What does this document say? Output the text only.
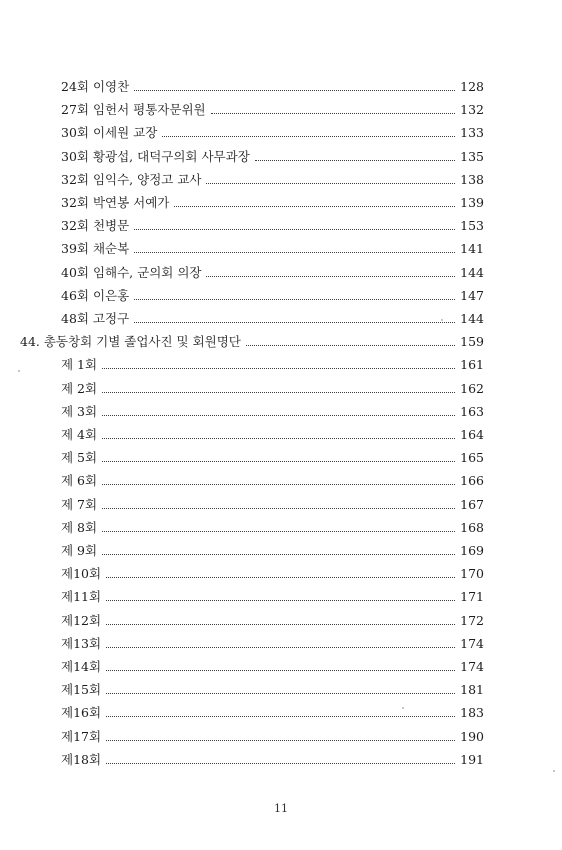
24회 이영찬	128
27회 임헌서 평통자문위원	132
30회 이세원 교장	133
30회 황광섭, 대덕구의회 사무과장	135
32회 임익수, 양정고 교사	138
32회 박연봉 서예가	139
32회 천병문	153
39회 채순복	141
40회 임해수, 군의회 의장	144
46회 이은홍	147
48회 고정구	144
44. 총동창회 기별 졸업사진 및 회원명단	159
제 1회	161
제 2회	162
제 3회	163
제 4회	164
제 5회	165
제 6회	166
제 7회	167
제 8회	168
제 9회	169
제10회	170
제11회	171
제12회	172
제13회	174
제14회	174
제15회	181
제16회	183
제17회	190
제18회	191
11
